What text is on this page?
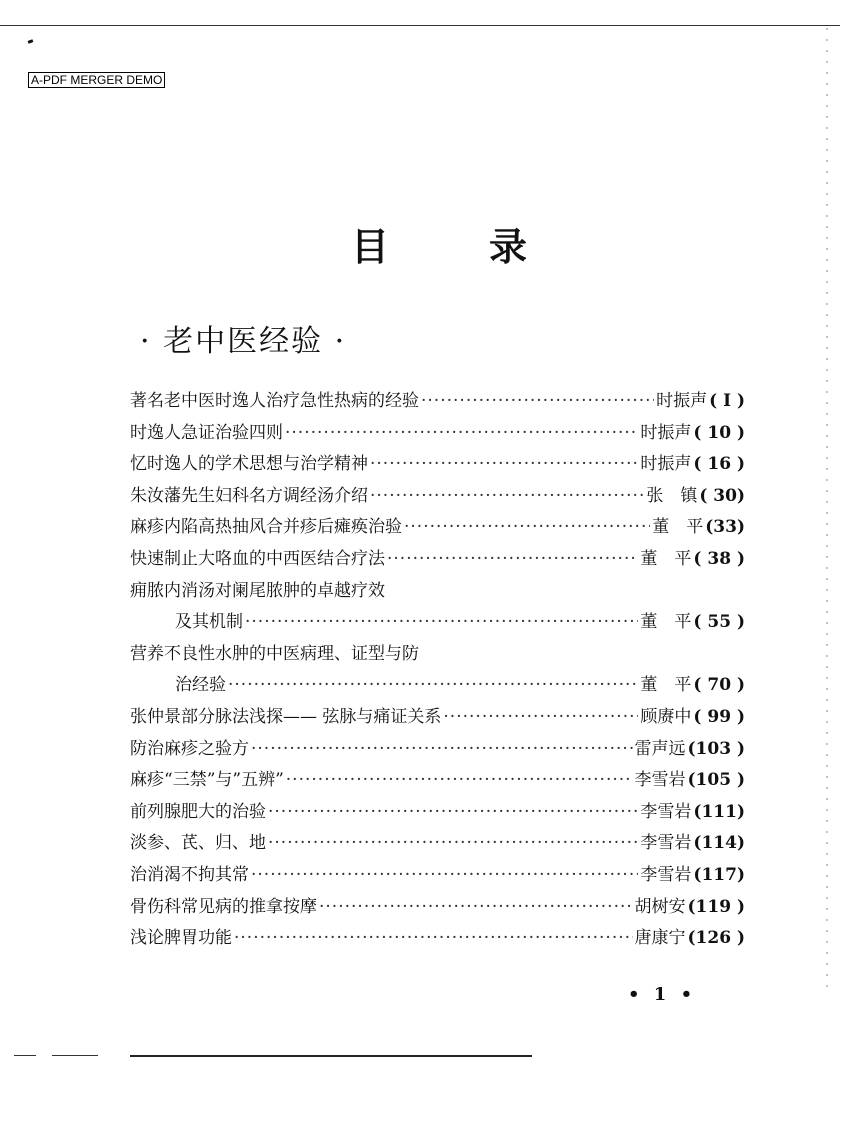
A-PDF MERGER DEMO
目	录
· 老中医经验 ·
著名老中医时逸人治疗急性热病的经验 ·····	时振声 ( I )
时逸人急证治验四则 ·····	时振声 ( 10 )
忆时逸人的学术思想与治学精神 ·····	时振声 ( 16 )
朱汝藩先生妇科名方调经汤介绍 ·····	张　镇 ( 30)
麻疹内陷高热抽风合并疹后瘫痪治验 ·····	董　平 (33)
快速制止大咯血的中西医结合疗法 ·····	董　平 ( 38 )
痈脓内消汤对阑尾脓肿的卓越疗效
及其机制 ·····	董　平 ( 55 )
营养不良性水肿的中医病理、证型与防
治经验 ·····	董　平 ( 70 )
张仲景部分脉法浅探—— 弦脉与痛证关系 ·····	顾赓中 ( 99 )
防治麻疹之验方 ·····	雷声远 (103 )
麻疹“三禁”与”五辨” ·····	李雪岩 (105 )
前列腺肥大的治验 ·····	李雪岩 (111)
淡参、芪、归、地 ·····	李雪岩 (114)
治消渴不拘其常 ·····	李雪岩 (117)
骨伤科常见病的推拿按摩 ·····	胡树安 (119 )
浅论脾胃功能 ·····	唐康宁 (126 )
• 1 •
